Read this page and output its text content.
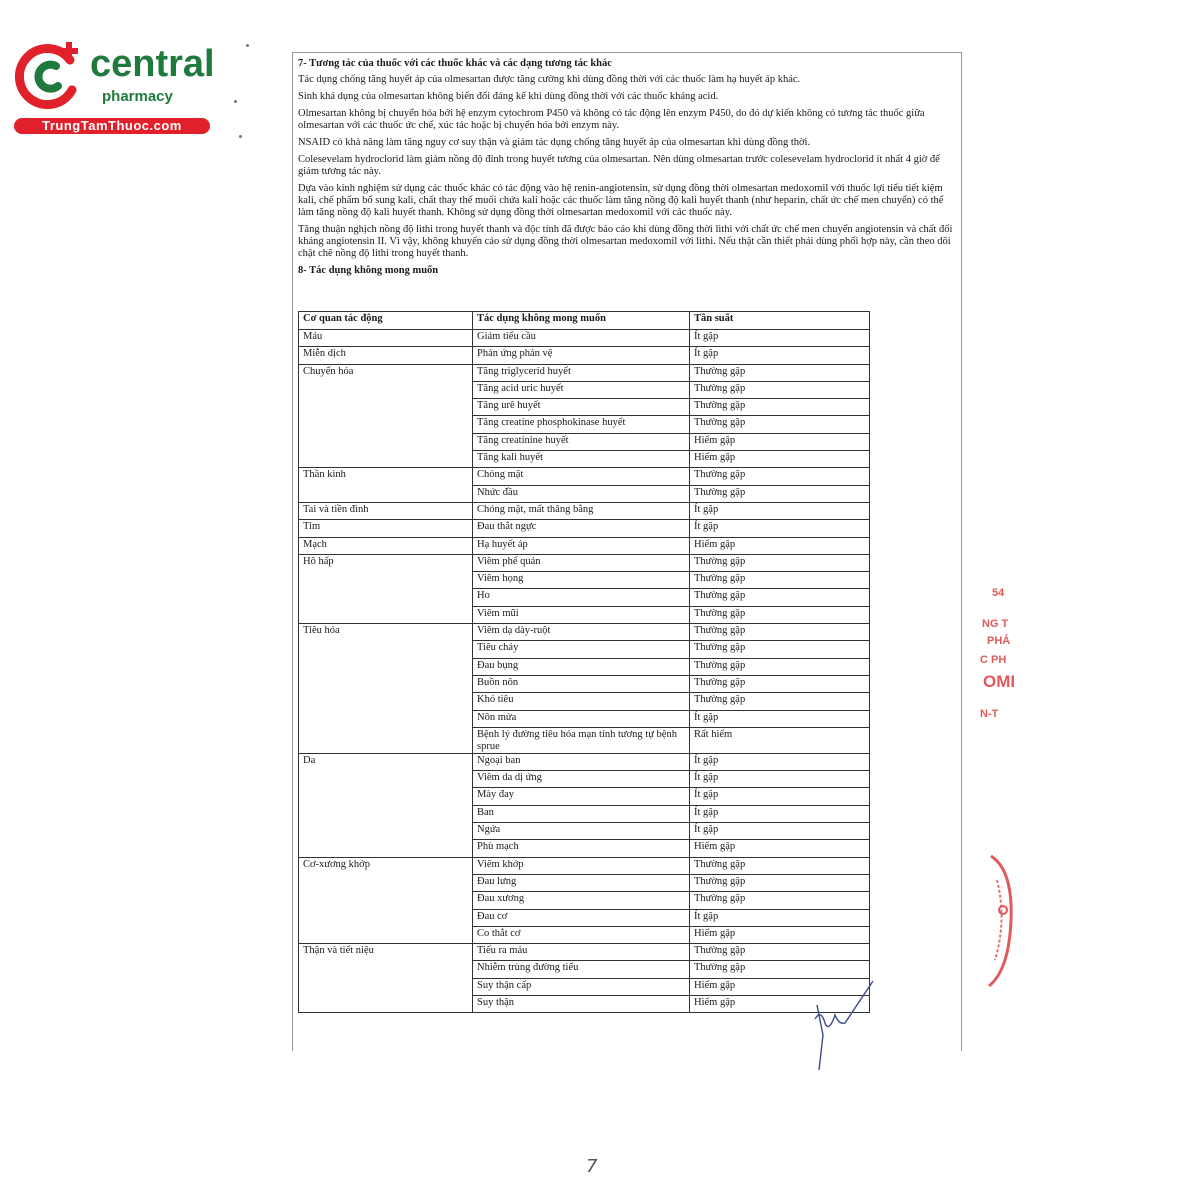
central
pharmacy
TrungTamThuoc.com
7- Tương tác của thuốc với các thuốc khác và các dạng tương tác khác
Tác dụng chống tăng huyết áp của olmesartan được tăng cường khi dùng đồng thời với các thuốc làm hạ huyết áp khác.
Sinh khả dụng của olmesartan không biến đổi đáng kể khi dùng đồng thời với các thuốc kháng acid.
Olmesartan không bị chuyển hóa bởi hệ enzym cytochrom P450 và không có tác động lên enzym P450, do đó dự kiến không có tương tác thuốc giữa olmesartan với các thuốc ức chế, xúc tác hoặc bị chuyển hóa bởi enzym này.
NSAID có khả năng làm tăng nguy cơ suy thận và giảm tác dụng chống tăng huyết áp của olmesartan khi dùng đồng thời.
Colesevelam hydroclorid làm giảm nồng độ đỉnh trong huyết tương của olmesartan. Nên dùng olmesartan trước colesevelam hydroclorid ít nhất 4 giờ để giảm tương tác này.
Dựa vào kinh nghiệm sử dụng các thuốc khác có tác động vào hệ renin-angiotensin, sử dụng đồng thời olmesartan medoxomil với thuốc lợi tiểu tiết kiệm kali, chế phẩm bổ sung kali, chất thay thế muối chứa kali hoặc các thuốc làm tăng nồng độ kali huyết thanh (như heparin, chất ức chế men chuyển) có thể làm tăng nồng độ kali huyết thanh. Không sử dụng đồng thời olmesartan medoxomil với các thuốc này.
Tăng thuận nghịch nồng độ lithi trong huyết thanh và độc tính đã được báo cáo khi dùng đồng thời lithi với chất ức chế men chuyển angiotensin và chất đối kháng angiotensin II. Vì vậy, không khuyến cáo sử dụng đồng thời olmesartan medoxomil với lithi. Nếu thật cần thiết phải dùng phối hợp này, cần theo dõi chặt chẽ nồng độ lithi trong huyết thanh.
8- Tác dụng không mong muốn
Cơ quan tác động	Tác dụng không mong muốn	Tần suất
Máu	Giảm tiểu cầu	Ít gặp
Miễn dịch	Phản ứng phản vệ	Ít gặp
Chuyển hóa	Tăng triglycerid huyết	Thường gặp
	Tăng acid uric huyết	Thường gặp
	Tăng urê huyết	Thường gặp
	Tăng creatine phosphokinase huyết	Thường gặp
	Tăng creatinine huyết	Hiếm gặp
	Tăng kali huyết	Hiếm gặp
Thần kinh	Chóng mặt	Thường gặp
	Nhức đầu	Thường gặp
Tai và tiền đình	Chóng mặt, mất thăng bằng	Ít gặp
Tim	Đau thắt ngực	Ít gặp
Mạch	Hạ huyết áp	Hiếm gặp
Hô hấp	Viêm phế quản	Thường gặp
	Viêm họng	Thường gặp
	Ho	Thường gặp
	Viêm mũi	Thường gặp
Tiêu hóa	Viêm dạ dày-ruột	Thường gặp
	Tiêu chảy	Thường gặp
	Đau bụng	Thường gặp
	Buồn nôn	Thường gặp
	Khó tiêu	Thường gặp
	Nôn mửa	Ít gặp
	Bệnh lý đường tiêu hóa mạn tính tương tự bệnh sprue	Rất hiếm
Da	Ngoại ban	Ít gặp
	Viêm da dị ứng	Ít gặp
	Mày đay	Ít gặp
	Ban	Ít gặp
	Ngứa	Ít gặp
	Phù mạch	Hiếm gặp
Cơ-xương khớp	Viêm khớp	Thường gặp
	Đau lưng	Thường gặp
	Đau xương	Thường gặp
	Đau cơ	Ít gặp
	Co thắt cơ	Hiếm gặp
Thận và tiết niệu	Tiểu ra máu	Thường gặp
	Nhiễm trùng đường tiểu	Thường gặp
	Suy thận cấp	Hiếm gặp
	Suy thận	Hiếm gặp
54
NG T
PHẢ
C PH
OMI
N-T
7
